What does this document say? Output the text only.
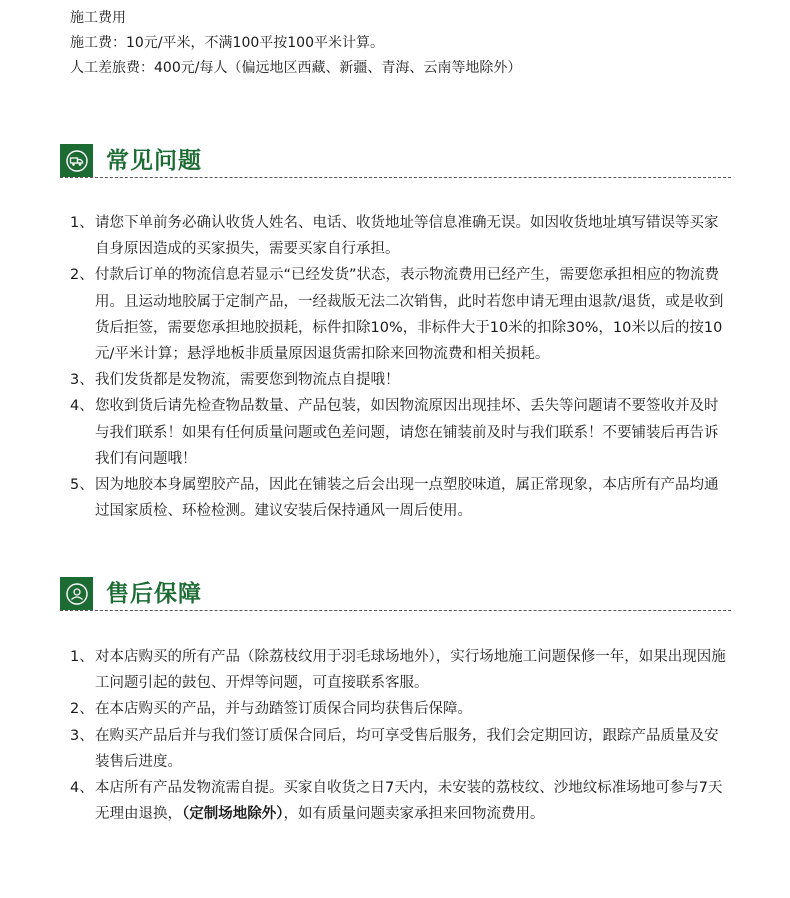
施工费用
施工费：10元/平米，不满100平按100平米计算。
人工差旅费：400元/每人（偏远地区西藏、新疆、青海、云南等地除外）
常见问题
1、 请您下单前务必确认收货人姓名、电话、收货地址等信息准确无误。如因收货地址填写错误等买家自身原因造成的买家损失，需要买家自行承担。
2、 付款后订单的物流信息若显示“已经发货”状态，表示物流费用已经产生，需要您承担相应的物流费用。且运动地胶属于定制产品，一经裁版无法二次销售，此时若您申请无理由退款/退货，或是收到货后拒签，需要您承担地胶损耗，标件扣除10%，非标件大于10米的扣除30%，10米以后的按10元/平米计算；悬浮地板非质量原因退货需扣除来回物流费和相关损耗。
3、 我们发货都是发物流，需要您到物流点自提哦！
4、 您收到货后请先检查物品数量、产品包装，如因物流原因出现挂坏、丢失等问题请不要签收并及时与我们联系！如果有任何质量问题或色差问题，请您在铺装前及时与我们联系！不要铺装后再告诉我们有问题哦！
5、 因为地胶本身属塑胶产品，因此在铺装之后会出现一点塑胶味道，属正常现象，本店所有产品均通过国家质检、环检检测。建议安装后保持通风一周后使用。
售后保障
1、 对本店购买的所有产品（除荔枝纹用于羽毛球场地外），实行场地施工问题保修一年，如果出现因施工问题引起的鼓包、开焊等问题，可直接联系客服。
2、 在本店购买的产品，并与劲踏签订质保合同均获售后保障。
3、 在购买产品后并与我们签订质保合同后，均可享受售后服务，我们会定期回访，跟踪产品质量及安装售后进度。
4、 本店所有产品发物流需自提。买家自收货之日7天内，未安装的荔枝纹、沙地纹标准场地可参与7天无理由退换，（定制场地除外），如有质量问题卖家承担来回物流费用。
